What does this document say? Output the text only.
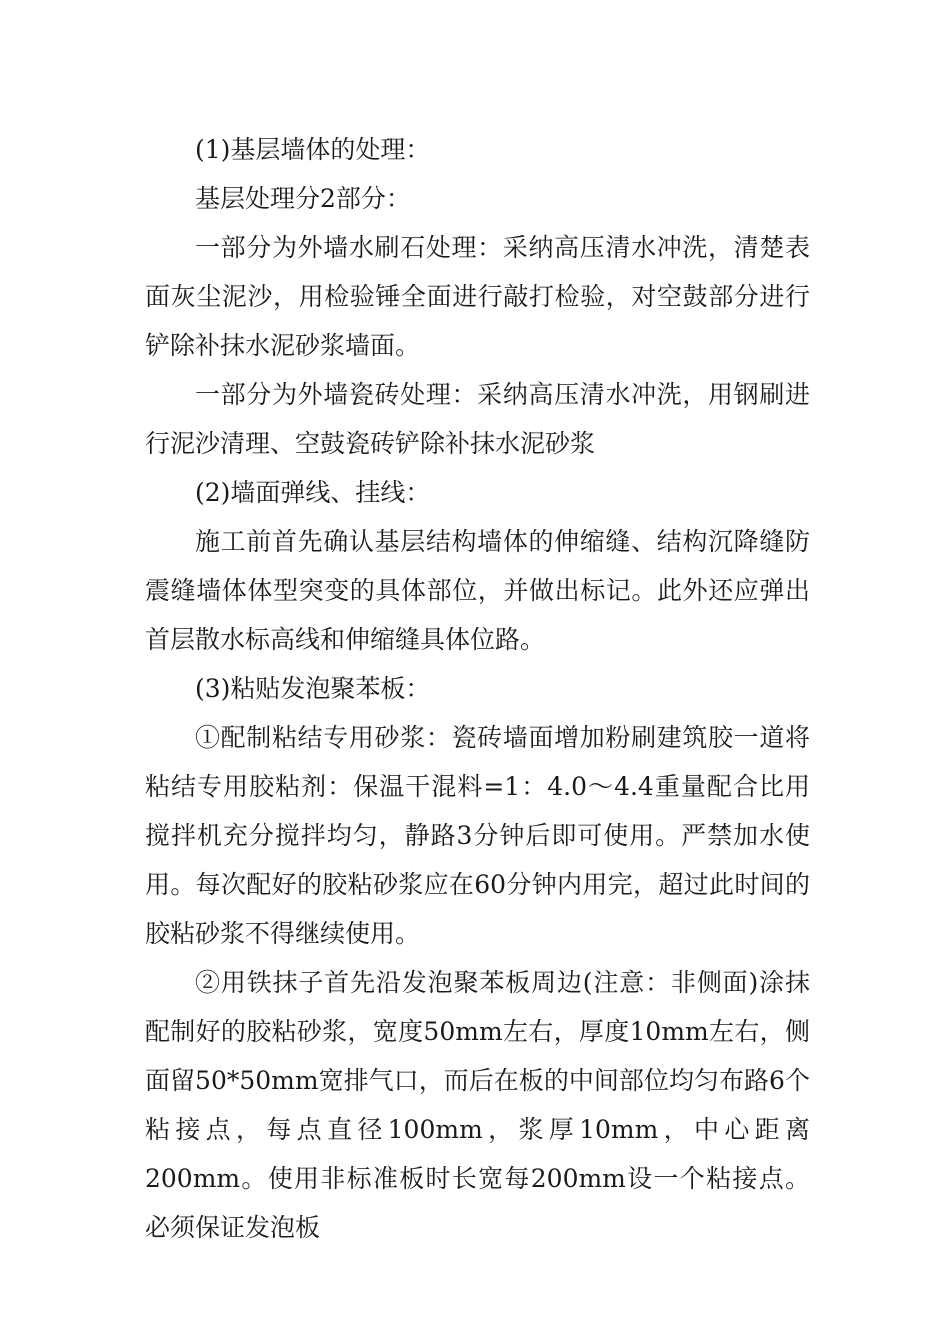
(1)基层墙体的处理：

基层处理分2部分：

一部分为外墙水刷石处理：采纳高压清水冲洗，清楚表面灰尘泥沙，用检验锤全面进行敲打检验，对空鼓部分进行铲除补抹水泥砂浆墙面。

一部分为外墙瓷砖处理：采纳高压清水冲洗，用钢刷进行泥沙清理、空鼓瓷砖铲除补抹水泥砂浆

(2)墙面弹线、挂线：

施工前首先确认基层结构墙体的伸缩缝、结构沉降缝防震缝墙体体型突变的具体部位，并做出标记。此外还应弹出首层散水标高线和伸缩缝具体位路。

(3)粘贴发泡聚苯板：

①配制粘结专用砂浆：瓷砖墙面增加粉刷建筑胶一道将粘结专用胶粘剂：保温干混料=1：4.0～4.4重量配合比用搅拌机充分搅拌均匀，静路3分钟后即可使用。严禁加水使用。每次配好的胶粘砂浆应在60分钟内用完，超过此时间的胶粘砂浆不得继续使用。

②用铁抹子首先沿发泡聚苯板周边(注意：非侧面)涂抹配制好的胶粘砂浆，宽度50mm左右，厚度10mm左右，侧面留50*50mm宽排气口，而后在板的中间部位均匀布路6个粘接点，每点直径100mm，浆厚10mm，中心距离200mm。使用非标准板时长宽每200mm设一个粘接点。必须保证发泡板
